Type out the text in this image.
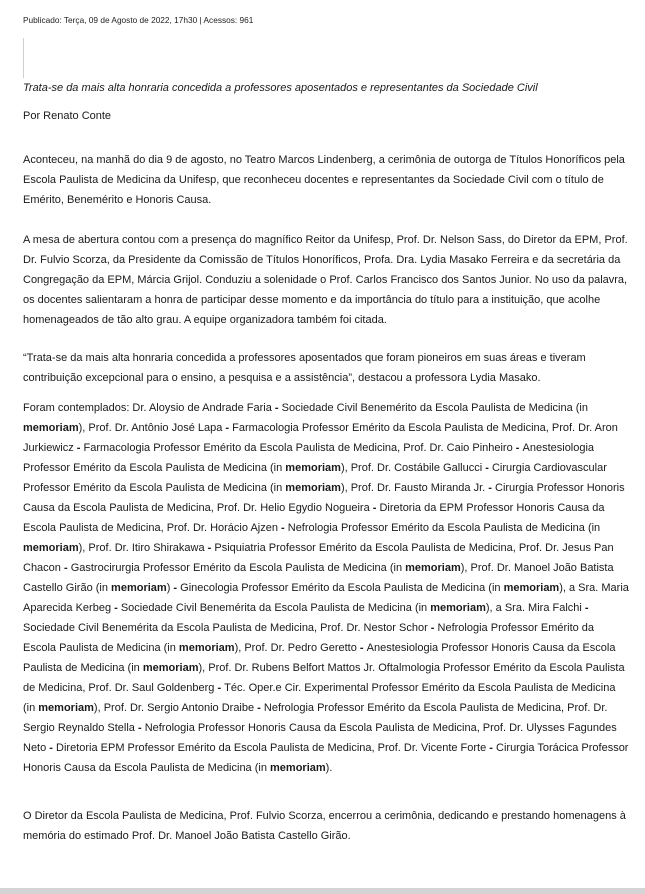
Publicado: Terça, 09 de Agosto de 2022, 17h30 | Acessos: 961
Trata-se da mais alta honraria concedida a professores aposentados e representantes da Sociedade Civil
Por Renato Conte

Aconteceu, na manhã do dia 9 de agosto, no Teatro Marcos Lindenberg, a cerimônia de outorga de Títulos Honoríficos pela Escola Paulista de Medicina da Unifesp, que reconheceu docentes e representantes da Sociedade Civil com o título de Emérito, Benemérito e Honoris Causa.

A mesa de abertura contou com a presença do magnífico Reitor da Unifesp, Prof. Dr. Nelson Sass, do Diretor da EPM, Prof. Dr. Fulvio Scorza, da Presidente da Comissão de Títulos Honoríficos, Profa. Dra. Lydia Masako Ferreira e da secretária da Congregação da EPM, Márcia Grijol. Conduziu a solenidade o Prof. Carlos Francisco dos Santos Junior. No uso da palavra, os docentes salientaram a honra de participar desse momento e da importância do título para a instituição, que acolhe homenageados de tão alto grau. A equipe organizadora também foi citada.

“Trata-se da mais alta honraria concedida a professores aposentados que foram pioneiros em suas áreas e tiveram contribuição excepcional para o ensino, a pesquisa e a assistência”, destacou a professora Lydia Masako.

Foram contemplados: Dr. Aloysio de Andrade Faria - Sociedade Civil Benemérito da Escola Paulista de Medicina (in memoriam), Prof. Dr. Antônio José Lapa - Farmacologia Professor Emérito da Escola Paulista de Medicina, Prof. Dr. Aron Jurkiewicz - Farmacologia Professor Emérito da Escola Paulista de Medicina, Prof. Dr. Caio Pinheiro - Anestesiologia Professor Emérito da Escola Paulista de Medicina (in memoriam), Prof. Dr. Costábile Gallucci - Cirurgia Cardiovascular Professor Emérito da Escola Paulista de Medicina (in memoriam), Prof. Dr. Fausto Miranda Jr. - Cirurgia Professor Honoris Causa da Escola Paulista de Medicina, Prof. Dr. Helio Egydio Nogueira - Diretoria da EPM Professor Honoris Causa da Escola Paulista de Medicina, Prof. Dr. Horácio Ajzen - Nefrologia Professor Emérito da Escola Paulista de Medicina (in memoriam), Prof. Dr. Itiro Shirakawa - Psiquiatria Professor Emérito da Escola Paulista de Medicina, Prof. Dr. Jesus Pan Chacon - Gastrocirurgia Professor Emérito da Escola Paulista de Medicina (in memoriam), Prof. Dr. Manoel João Batista Castello Girão (in memoriam) - Ginecologia Professor Emérito da Escola Paulista de Medicina (in memoriam), a Sra. Maria Aparecida Kerbeg - Sociedade Civil Benemérita da Escola Paulista de Medicina (in memoriam), a Sra. Mira Falchi - Sociedade Civil Benemérita da Escola Paulista de Medicina, Prof. Dr. Nestor Schor - Nefrologia Professor Emérito da Escola Paulista de Medicina (in memoriam), Prof. Dr. Pedro Geretto - Anestesiologia Professor Honoris Causa da Escola Paulista de Medicina (in memoriam), Prof. Dr. Rubens Belfort Mattos Jr. Oftalmologia Professor Emérito da Escola Paulista de Medicina, Prof. Dr. Saul Goldenberg - Téc. Oper.e Cir. Experimental Professor Emérito da Escola Paulista de Medicina (in memoriam), Prof. Dr. Sergio Antonio Draibe - Nefrologia Professor Emérito da Escola Paulista de Medicina, Prof. Dr. Sergio Reynaldo Stella - Nefrologia Professor Honoris Causa da Escola Paulista de Medicina, Prof. Dr. Ulysses Fagundes Neto - Diretoria EPM Professor Emérito da Escola Paulista de Medicina, Prof. Dr. Vicente Forte - Cirurgia Torácica Professor Honoris Causa da Escola Paulista de Medicina (in memoriam).

O Diretor da Escola Paulista de Medicina, Prof. Fulvio Scorza, encerrou a cerimônia, dedicando e prestando homenagens à memória do estimado Prof. Dr. Manoel João Batista Castello Girão.
